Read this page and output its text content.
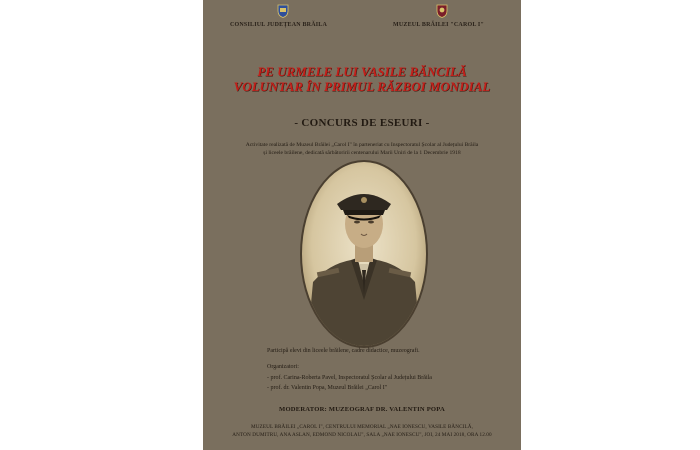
CONSILIUL JUDEȚEAN BRĂILA	MUZEUL BRĂILEI "CAROL I"
PE URMELE LUI VASILE BĂNCILĂ
VOLUNTAR ÎN PRIMUL RĂZBOI MONDIAL
- CONCURS DE ESEURI -
Activitate realizată de Muzeul Brăilei „Carol I" în parteneriat cu Inspectoratul Școlar al Județului Brăila
și liceele brăilene, dedicată sărbătoririi centenarului Marii Uniri de la 1 Decembrie 1918
Participă elevi din liceele brăilene, cadre didactice, muzeografi.
Organizatori:
- prof. Carina-Roberta Pavel, Inspectoratul Școlar al Județului Brăila
- prof. dr. Valentin Popa, Muzeul Brăilei „Carol I"
MODERATOR: MUZEOGRAF DR. VALENTIN POPA
MUZEUL BRĂILEI „CAROL I", CENTRULUI MEMORIAL „NAE IONESCU, VASILE BĂNCILĂ,
ANTON DUMITRU, ANA ASLAN, EDMOND NICOLAU", SALA „NAE IONESCU", JOI, 24 MAI 2018, ORA 12.00
